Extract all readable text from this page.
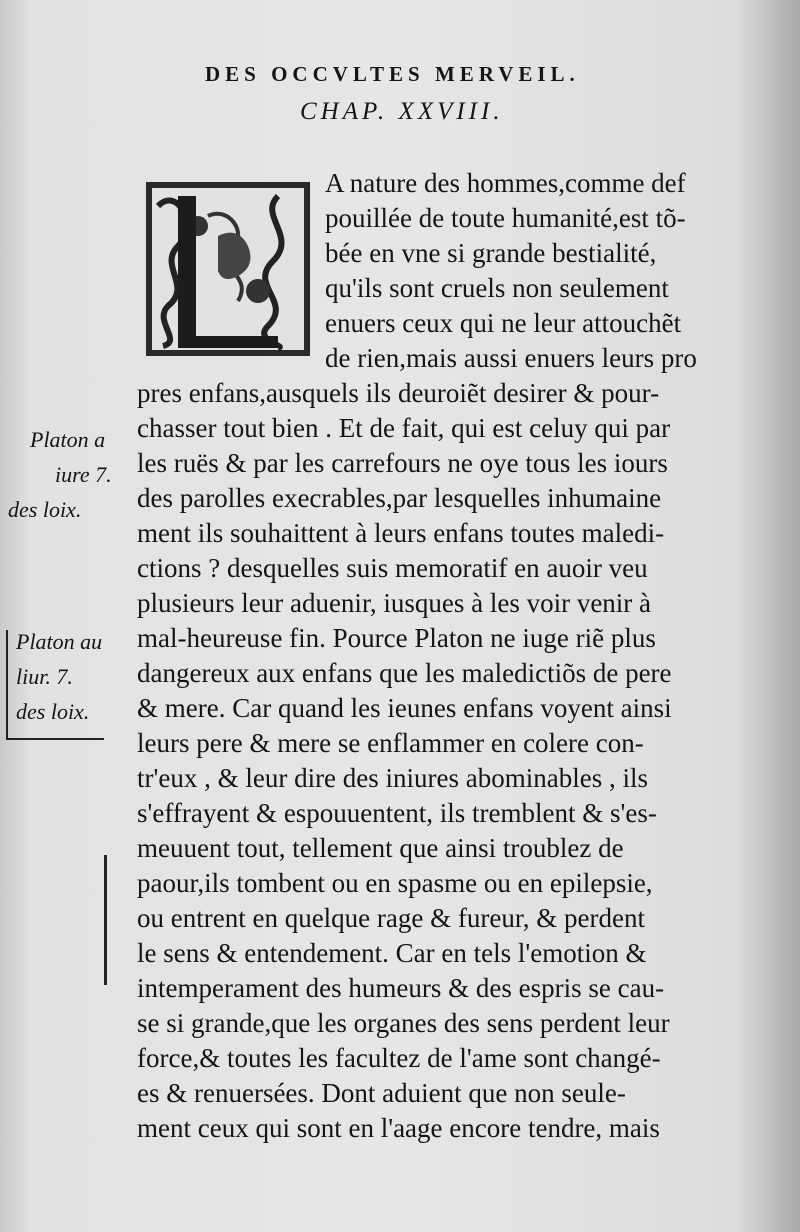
DES OCCVLTES MERVEIL.
CHAP. XXVIII.
A nature des hommes,comme def
pouillée de toute humanité,est tõ-
bée en vne si grande bestialité,
qu'ils sont cruels non seulement
enuers ceux qui ne leur attouchẽt
de rien,mais aussi enuers leurs pro
pres enfans,ausquels ils deuroiẽt desirer & pour-
chasser tout bien . Et de fait, qui est celuy qui par
les ruës & par les carrefours ne oye tous les iours
des parolles execrables,par lesquelles inhumaine
ment ils souhaittent à leurs enfans toutes maledi-
ctions ? desquelles suis memoratif en auoir veu
plusieurs leur aduenir, iusques à les voir venir à
mal-heureuse fin. Pource Platon ne iuge riẽ plus
dangereux aux enfans que les maledictiõs de pere
& mere. Car quand les ieunes enfans voyent ainsi
leurs pere & mere se enflammer en colere con-
tr'eux , & leur dire des iniures abominables , ils
s'effrayent & espouuentent, ils tremblent & s'es-
meuuent tout, tellement que ainsi troublez de
paour,ils tombent ou en spasme ou en epilepsie,
ou entrent en quelque rage & fureur, & perdent
le sens & entendement. Car en tels l'emotion &
intemperament des humeurs & des espris se cau-
se si grande,que les organes des sens perdent leur
force,& toutes les facultez de l'ame sont changé-
es & renuersées. Dont aduient que non seule-
ment ceux qui sont en l'aage encore tendre, mais
Platon a
iure 7.
des loix.
Platon au
liur. 7.
des loix.
